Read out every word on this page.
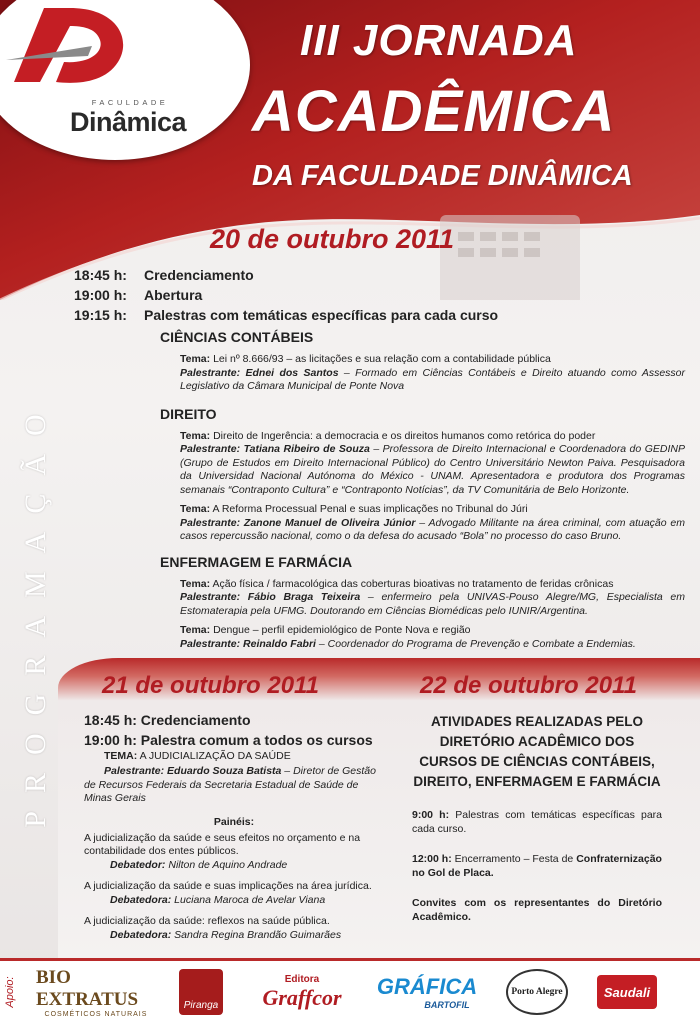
FACULDADE
Dinâmica
III JORNADA
ACADÊMICA
DA FACULDADE DINÂMICA
PROGRAMAÇÃO
20 de outubro 2011
18:45 h:	Credenciamento
19:00 h:	Abertura
19:15 h:	Palestras com temáticas específicas para cada curso
CIÊNCIAS CONTÁBEIS
Tema: Lei nº 8.666/93 – as licitações e sua relação com a contabilidade pública
Palestrante: Ednei dos Santos – Formado em Ciências Contábeis e Direito atuando como Assessor Legislativo da Câmara Municipal de Ponte Nova
DIREITO
Tema: Direito de Ingerência: a democracia e os direitos humanos como retórica do poder
Palestrante: Tatiana Ribeiro de Souza – Professora de Direito Internacional e Coordenadora do GEDINP (Grupo de Estudos em Direito Internacional Público) do Centro Universitário Newton Paiva. Pesquisadora da Universidad Nacional Autónoma do México - UNAM. Apresentadora e produtora dos Programas semanais “Contraponto Cultura” e “Contraponto Notícias”, da TV Comunitária de Belo Horizonte.
Tema: A Reforma Processual Penal e suas implicações no Tribunal do Júri
Palestrante: Zanone Manuel de Oliveira Júnior – Advogado Militante na área criminal, com atuação em casos repercussão nacional, como o da defesa do acusado “Bola” no processo do caso Bruno.
ENFERMAGEM E FARMÁCIA
Tema: Ação física / farmacológica das coberturas bioativas no tratamento de feridas crônicas
Palestrante: Fábio Braga Teixeira – enfermeiro pela UNIVAS-Pouso Alegre/MG, Especialista em Estomaterapia pela UFMG. Doutorando em Ciências Biomédicas pelo IUNIR/Argentina.
Tema: Dengue – perfil epidemiológico de Ponte Nova e região
Palestrante: Reinaldo Fabri – Coordenador do Programa de Prevenção e Combate a Endemias.
21 de outubro 2011
18:45 h: Credenciamento
19:00 h: Palestra comum a todos os cursos
TEMA: A JUDICIALIZAÇÃO DA SAÚDE
Palestrante: Eduardo Souza Batista – Diretor de Gestão de Recursos Federais da Secretaria Estadual de Saúde de Minas Gerais
Painéis:
A judicialização da saúde e seus efeitos no orçamento e na contabilidade dos entes públicos.
Debatedor: Nilton de Aquino Andrade
A judicialização da saúde e suas implicações na área jurídica.
Debatedora: Luciana Maroca de Avelar Viana
A judicialização da saúde: reflexos na saúde pública.
Debatedora: Sandra Regina Brandão Guimarães
22 de outubro 2011
ATIVIDADES REALIZADAS PELO DIRETÓRIO ACADÊMICO DOS CURSOS DE CIÊNCIAS CONTÁBEIS, DIREITO, ENFERMAGEM E FARMÁCIA
9:00 h: Palestras com temáticas específicas para cada curso.
12:00 h: Encerramento – Festa de Confraternização no Gol de Placa.
Convites com os representantes do Diretório Acadêmico.
Apoio: BIO EXTRATUS
COSMÉTICOS NATURAIS
Piranga
Editora
Graffcor GRÁFICA
BARTOFIL
Porto Alegre	Saudali
